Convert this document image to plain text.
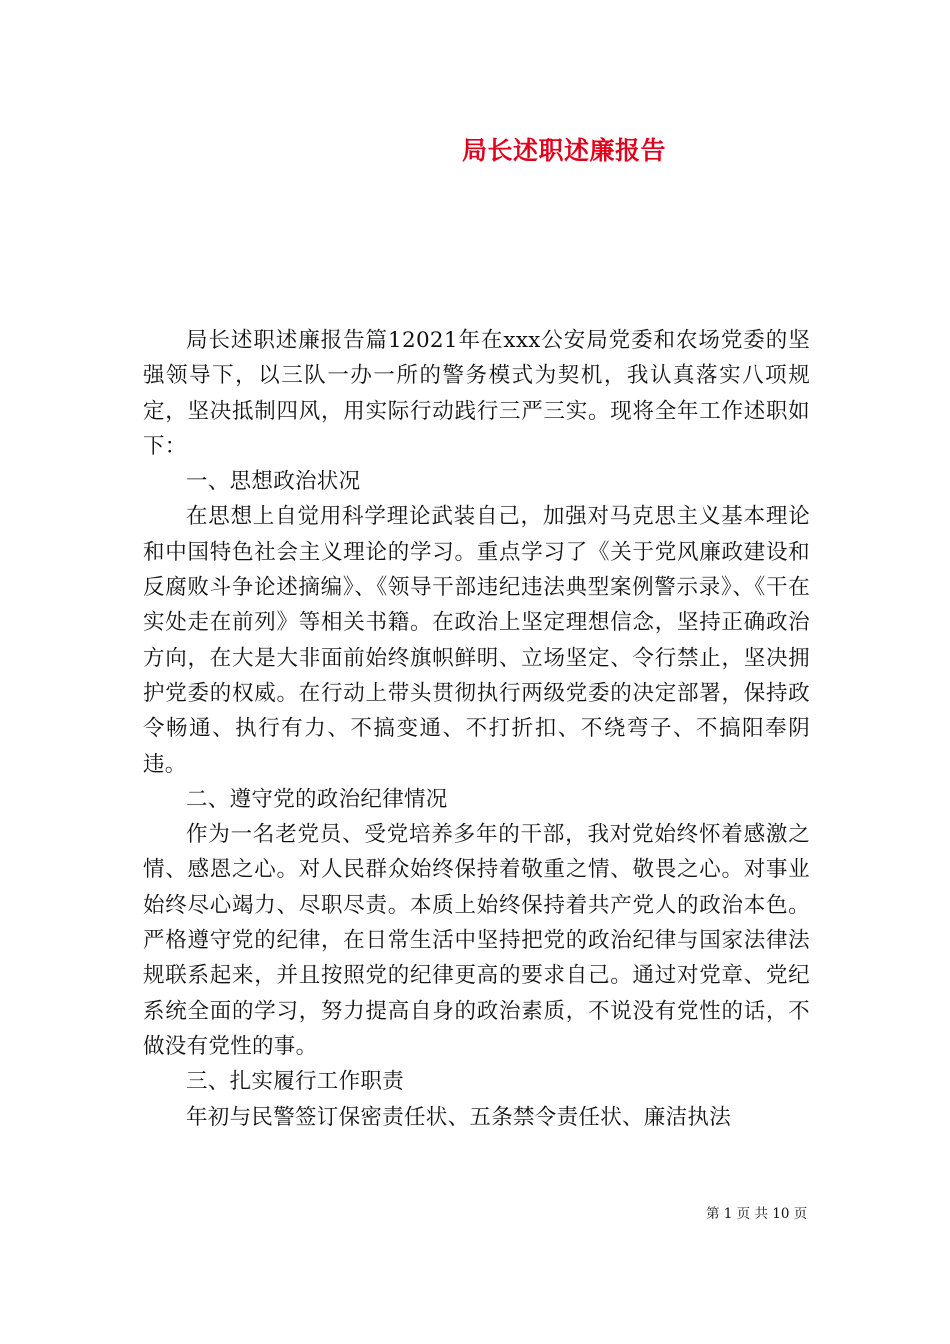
局长述职述廉报告

局长述职述廉报告篇12021年在xxx公安局党委和农场党委的坚强领导下，以三队一办一所的警务模式为契机，我认真落实八项规定，坚决抵制四风，用实际行动践行三严三实。现将全年工作述职如下：

一、思想政治状况

在思想上自觉用科学理论武装自己，加强对马克思主义基本理论和中国特色社会主义理论的学习。重点学习了《关于党风廉政建设和反腐败斗争论述摘编》、《领导干部违纪违法典型案例警示录》、《干在实处走在前列》等相关书籍。在政治上坚定理想信念，坚持正确政治方向，在大是大非面前始终旗帜鲜明、立场坚定、令行禁止，坚决拥护党委的权威。在行动上带头贯彻执行两级党委的决定部署，保持政令畅通、执行有力、不搞变通、不打折扣、不绕弯子、不搞阳奉阴违。

二、遵守党的政治纪律情况

作为一名老党员、受党培养多年的干部，我对党始终怀着感激之情、感恩之心。对人民群众始终保持着敬重之情、敬畏之心。对事业始终尽心竭力、尽职尽责。本质上始终保持着共产党人的政治本色。严格遵守党的纪律，在日常生活中坚持把党的政治纪律与国家法律法规联系起来，并且按照党的纪律更高的要求自己。通过对党章、党纪系统全面的学习，努力提高自身的政治素质，不说没有党性的话，不做没有党性的事。

三、扎实履行工作职责

年初与民警签订保密责任状、五条禁令责任状、廉洁执法

第 1 页 共 10 页
